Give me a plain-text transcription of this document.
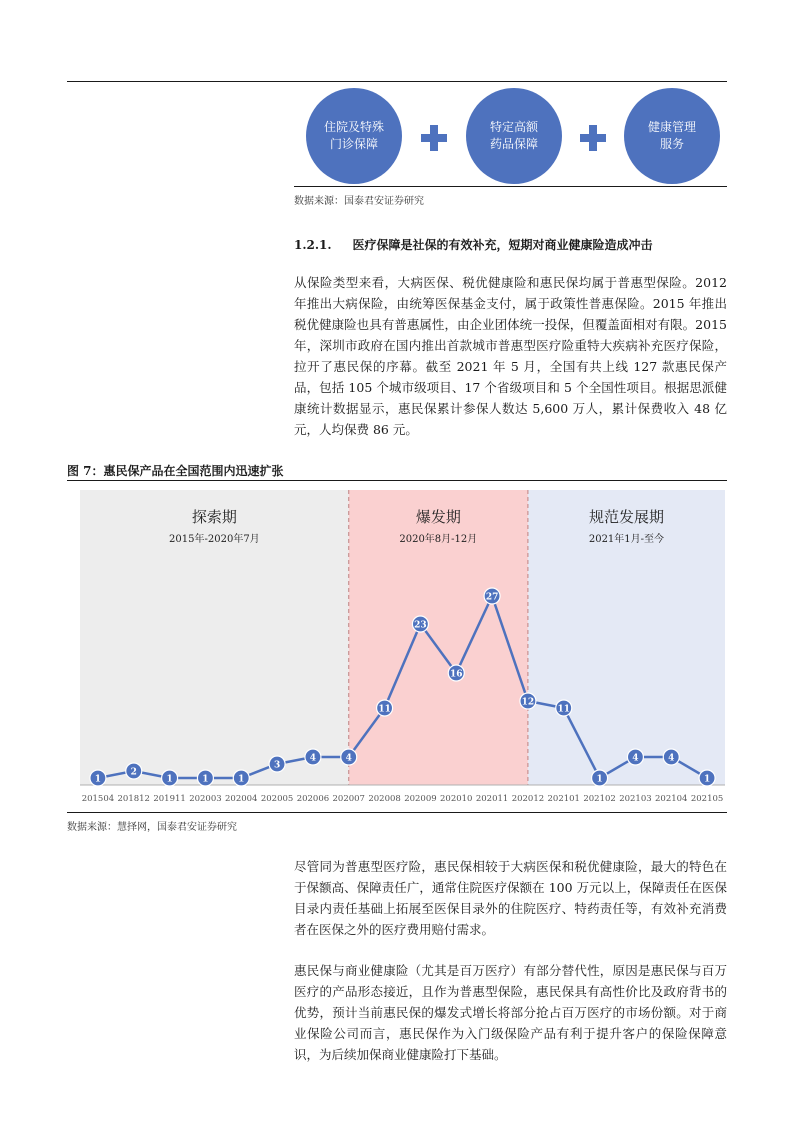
住院及特殊
门诊保障
特定高额
药品保障
健康管理
服务
数据来源：国泰君安证券研究
1.2.1. 医疗保障是社保的有效补充，短期对商业健康险造成冲击

从保险类型来看，大病医保、税优健康险和惠民保均属于普惠型保险。2012 年推出大病保险，由统筹医保基金支付，属于政策性普惠保险。2015 年推出税优健康险也具有普惠属性，由企业团体统一投保，但覆盖面相对有限。2015 年，深圳市政府在国内推出首款城市普惠型医疗险重特大疾病补充医疗保险，拉开了惠民保的序幕。截至 2021 年 5 月，全国有共上线 127 款惠民保产品，包括 105 个城市级项目、17 个省级项目和 5 个全国性项目。根据思派健康统计数据显示，惠民保累计参保人数达 5,600 万人，累计保费收入 48 亿元，人均保费 86 元。

图 7：惠民保产品在全国范围内迅速扩张
探索期
2015年-2020年7月
爆发期
2020年8月-12月
规范发展期
2021年1月-至今
1
2
1	1	1
3
4	4
11
23
16
27
12
11
1
4	4
1
201504 201812 201911 202003 202004 202005 202006 202007 202008 202009 202010 202011 202012 202101 202102 202103 202104 202105
数据来源：慧择网，国泰君安证券研究

尽管同为普惠型医疗险，惠民保相较于大病医保和税优健康险，最大的特色在于保额高、保障责任广，通常住院医疗保额在 100 万元以上，保障责任在医保目录内责任基础上拓展至医保目录外的住院医疗、特药责任等，有效补充消费者在医保之外的医疗费用赔付需求。

惠民保与商业健康险（尤其是百万医疗）有部分替代性，原因是惠民保与百万医疗的产品形态接近，且作为普惠型保险，惠民保具有高性价比及政府背书的优势，预计当前惠民保的爆发式增长将部分抢占百万医疗的市场份额。对于商业保险公司而言，惠民保作为入门级保险产品有利于提升客户的保险保障意识，为后续加保商业健康险打下基础。
